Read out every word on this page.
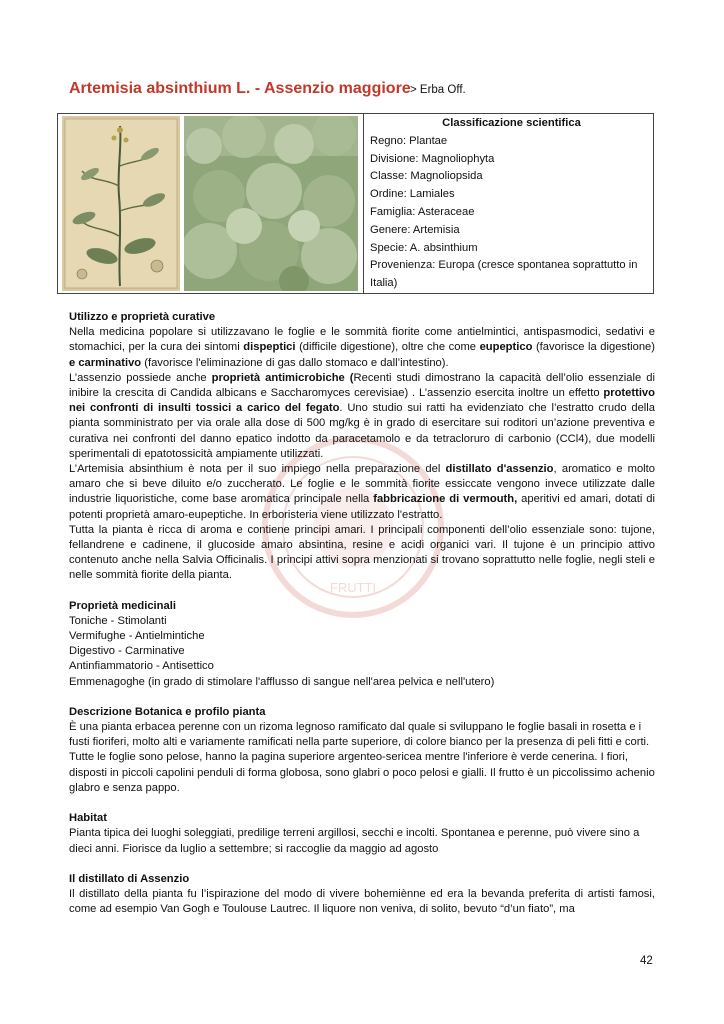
Artemisia absinthium L. - Assenzio maggiore > Erba Off.
Classificazione scientifica
Regno: Plantae
Divisione: Magnoliophyta
Classe: Magnoliopsida
Ordine: Lamiales
Famiglia: Asteraceae
Genere: Artemisia
Specie: A. absinthium
Provenienza: Europa (cresce spontanea soprattutto in Italia)
FRUTTI
Utilizzo e proprietà curative

Nella medicina popolare si utilizzavano le foglie e le sommità fiorite come antielmintici, antispasmodici, sedativi e stomachici, per la cura dei sintomi dispeptici (difficile digestione), oltre che come eupeptico (favorisce la digestione) e carminativo (favorisce l'eliminazione di gas dallo stomaco e dall’intestino).

L’assenzio possiede anche proprietà antimicrobiche (Recenti studi dimostrano la capacità dell’olio essenziale di inibire la crescita di Candida albicans e Saccharomyces cerevisiae) . L’assenzio esercita inoltre un effetto protettivo nei confronti di insulti tossici a carico del fegato. Uno studio sui ratti ha evidenziato che l’estratto crudo della pianta somministrato per via orale alla dose di 500 mg/kg è in grado di esercitare sui roditori un’azione preventiva e curativa nei confronti del danno epatico indotto da paracetamolo e da tetracloruro di carbonio (CCl4), due modelli sperimentali di epatotossicità ampiamente utilizzati.

L’Artemisia absinthium è nota per il suo impiego nella preparazione del distillato d'assenzio, aromatico e molto amaro che si beve diluito e/o zuccherato. Le foglie e le sommità fiorite essiccate vengono invece utilizzate dalle industrie liquoristiche, come base aromatica principale nella fabbricazione di vermouth, aperitivi ed amari, dotati di potenti proprietà amaro-eupeptiche. In erboristeria viene utilizzato l'estratto.

Tutta la pianta è ricca di aroma e contiene principi amari. I principali componenti dell’olio essenziale sono: tujone, fellandrene e cadinene, il glucoside amaro absintina, resine e acidi organici vari. Il tujone è un principio attivo contenuto anche nella Salvia Officinalis. I principi attivi sopra menzionati si trovano soprattutto nelle foglie, negli steli e nelle sommità fiorite della pianta.

Proprietà medicinali
Toniche - Stimolanti
Vermifughe - Antielmintiche
Digestivo - Carminative
Antinfiammatorio - Antisettico
Emmenagoghe (in grado di stimolare l'afflusso di sangue nell'area pelvica e nell'utero)
Descrizione Botanica e profilo pianta

È una pianta erbacea perenne con un rizoma legnoso ramificato dal quale si sviluppano le foglie basali in rosetta e i fusti fioriferi, molto alti e variamente ramificati nella parte superiore, di colore bianco per la presenza di peli fitti e corti. Tutte le foglie sono pelose, hanno la pagina superiore argenteo-sericea mentre l'inferiore è verde cenerina. I fiori, disposti in piccoli capolini penduli di forma globosa, sono glabri o poco pelosi e gialli. Il frutto è un piccolissimo achenio glabro e senza pappo.

Habitat

Pianta tipica dei luoghi soleggiati, predilige terreni argillosi, secchi e incolti. Spontanea e perenne, può vivere sino a dieci anni. Fiorisce da luglio a settembre; si raccoglie da maggio ad agosto

Il distillato di Assenzio

Il distillato della pianta fu l’ispirazione del modo di vivere bohemiènne ed era la bevanda preferita di artisti famosi, come ad esempio Van Gogh e Toulouse Lautrec. Il liquore non veniva, di solito, bevuto “d’un fiato”, ma

42
